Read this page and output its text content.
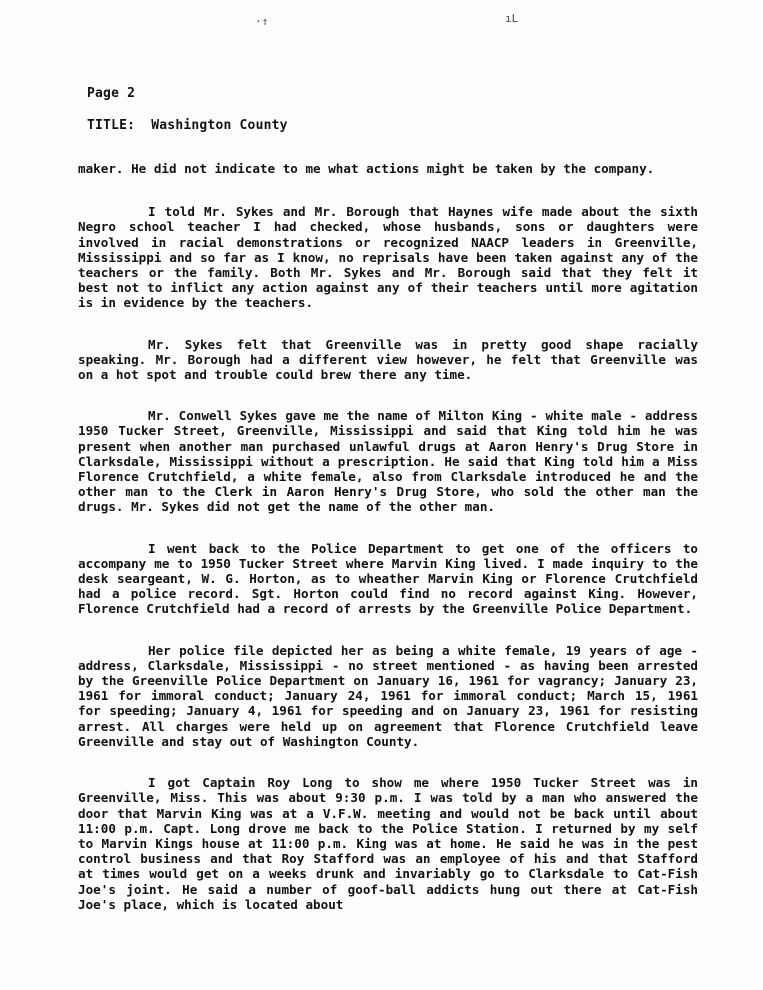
·↑	ıL
Page 2
TITLE: Washington County

maker. He did not indicate to me what actions might be taken by the company.

I told Mr. Sykes and Mr. Borough that Haynes wife made about the sixth Negro school teacher I had checked, whose husbands, sons or daughters were involved in racial demonstrations or recognized NAACP leaders in Greenville, Mississippi and so far as I know, no reprisals have been taken against any of the teachers or the family. Both Mr. Sykes and Mr. Borough said that they felt it best not to inflict any action against any of their teachers until more agitation is in evidence by the teachers.

Mr. Sykes felt that Greenville was in pretty good shape racially speaking. Mr. Borough had a different view however, he felt that Greenville was on a hot spot and trouble could brew there any time.

Mr. Conwell Sykes gave me the name of Milton King - white male - address 1950 Tucker Street, Greenville, Mississippi and said that King told him he was present when another man purchased unlawful drugs at Aaron Henry's Drug Store in Clarksdale, Mississippi without a prescription. He said that King told him a Miss Florence Crutchfield, a white female, also from Clarksdale introduced he and the other man to the Clerk in Aaron Henry's Drug Store, who sold the other man the drugs. Mr. Sykes did not get the name of the other man.

I went back to the Police Department to get one of the officers to accompany me to 1950 Tucker Street where Marvin King lived. I made inquiry to the desk seargeant, W. G. Horton, as to wheather Marvin King or Florence Crutchfield had a police record. Sgt. Horton could find no record against King. However, Florence Crutchfield had a record of arrests by the Greenville Police Department.

Her police file depicted her as being a white female, 19 years of age - address, Clarksdale, Mississippi - no street mentioned - as having been arrested by the Greenville Police Department on January 16, 1961 for vagrancy; January 23, 1961 for immoral conduct; January 24, 1961 for immoral conduct; March 15, 1961 for speeding; January 4, 1961 for speeding and on January 23, 1961 for resisting arrest. All charges were held up on agreement that Florence Crutchfield leave Greenville and stay out of Washington County.

I got Captain Roy Long to show me where 1950 Tucker Street was in Greenville, Miss. This was about 9:30 p.m. I was told by a man who answered the door that Marvin King was at a V.F.W. meeting and would not be back until about 11:00 p.m. Capt. Long drove me back to the Police Station. I returned by my self to Marvin Kings house at 11:00 p.m. King was at home. He said he was in the pest control business and that Roy Stafford was an employee of his and that Stafford at times would get on a weeks drunk and invariably go to Clarksdale to Cat-Fish Joe's joint. He said a number of goof-ball addicts hung out there at Cat-Fish Joe's place, which is located about
